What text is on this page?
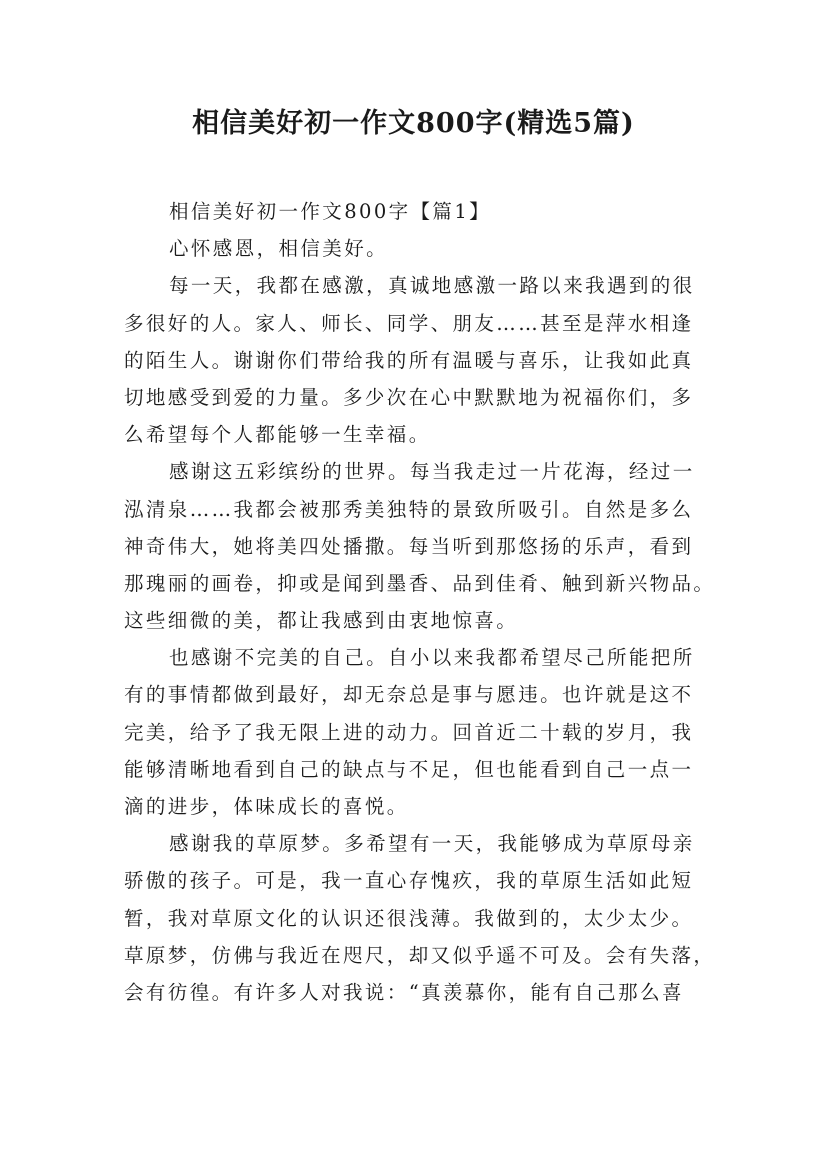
相信美好初一作文800字(精选5篇)
相信美好初一作文800字【篇1】
心怀感恩，相信美好。
每一天，我都在感激，真诚地感激一路以来我遇到的很
多很好的人。家人、师长、同学、朋友……甚至是萍水相逢
的陌生人。谢谢你们带给我的所有温暖与喜乐，让我如此真
切地感受到爱的力量。多少次在心中默默地为祝福你们，多
么希望每个人都能够一生幸福。
感谢这五彩缤纷的世界。每当我走过一片花海，经过一
泓清泉……我都会被那秀美独特的景致所吸引。自然是多么
神奇伟大，她将美四处播撒。每当听到那悠扬的乐声，看到
那瑰丽的画卷，抑或是闻到墨香、品到佳肴、触到新兴物品。
这些细微的美，都让我感到由衷地惊喜。
也感谢不完美的自己。自小以来我都希望尽己所能把所
有的事情都做到最好，却无奈总是事与愿违。也许就是这不
完美，给予了我无限上进的动力。回首近二十载的岁月，我
能够清晰地看到自己的缺点与不足，但也能看到自己一点一
滴的进步，体味成长的喜悦。
感谢我的草原梦。多希望有一天，我能够成为草原母亲
骄傲的孩子。可是，我一直心存愧疚，我的草原生活如此短
暂，我对草原文化的认识还很浅薄。我做到的，太少太少。
草原梦，仿佛与我近在咫尺，却又似乎遥不可及。会有失落，
会有彷徨。有许多人对我说：“真羡慕你，能有自己那么喜
